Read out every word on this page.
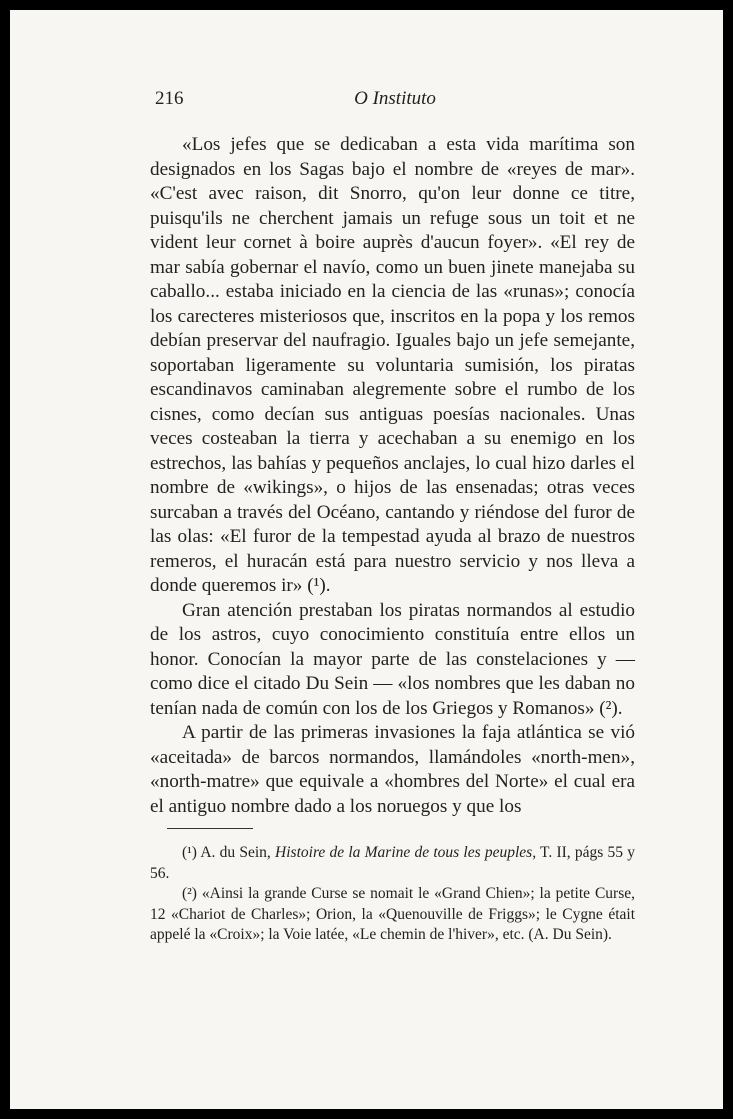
216	O Instituto

«Los jefes que se dedicaban a esta vida marítima son designados en los Sagas bajo el nombre de «reyes de mar». «C'est avec raison, dit Snorro, qu'on leur donne ce titre, puisqu'ils ne cherchent jamais un refuge sous un toit et ne vident leur cornet à boire auprès d'aucun foyer». «El rey de mar sabía gobernar el navío, como un buen jinete manejaba su caballo... estaba iniciado en la ciencia de las «runas»; conocía los carecteres misteriosos que, inscritos en la popa y los remos debían preservar del naufragio. Iguales bajo un jefe semejante, soportaban ligeramente su voluntaria sumisión, los piratas escandinavos caminaban alegremente sobre el rumbo de los cisnes, como decían sus antiguas poesías nacionales. Unas veces costeaban la tierra y acechaban a su enemigo en los estrechos, las bahías y pequeños anclajes, lo cual hizo darles el nombre de «wikings», o hijos de las ensenadas; otras veces surcaban a través del Océano, cantando y riéndose del furor de las olas: «El furor de la tempestad ayuda al brazo de nuestros remeros, el huracán está para nuestro servicio y nos lleva a donde queremos ir» (¹).

Gran atención prestaban los piratas normandos al estudio de los astros, cuyo conocimiento constituía entre ellos un honor. Conocían la mayor parte de las constelaciones y — como dice el citado Du Sein — «los nombres que les daban no tenían nada de común con los de los Griegos y Romanos» (²).

A partir de las primeras invasiones la faja atlántica se vió «aceitada» de barcos normandos, llamándoles «north-men», «north-matre» que equivale a «hombres del Norte» el cual era el antiguo nombre dado a los noruegos y que los

(¹) A. du Sein, Histoire de la Marine de tous les peuples, T. II, págs 55 y 56.

(²) «Ainsi la grande Curse se nomait le «Grand Chien»; la petite Curse, 12 «Chariot de Charles»; Orion, la «Quenouville de Friggs»; le Cygne était appelé la «Croix»; la Voie latée, «Le chemin de l'hiver», etc. (A. Du Sein).
